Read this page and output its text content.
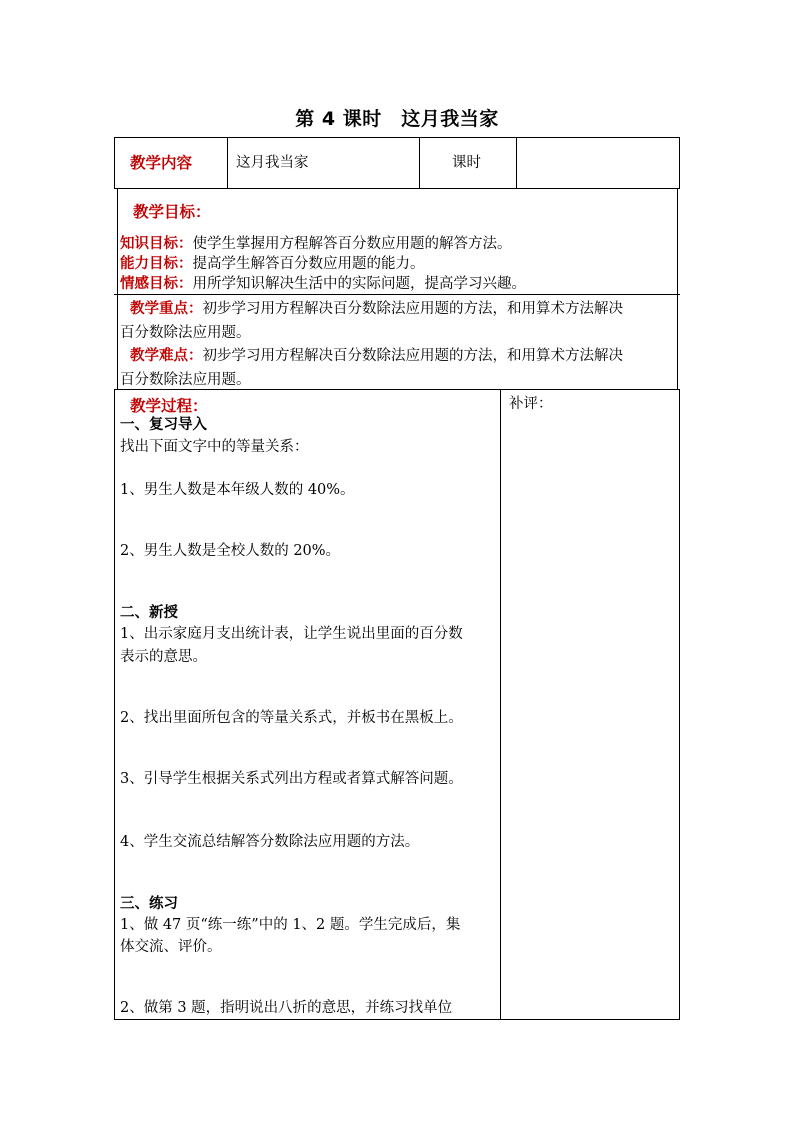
第 4 课时　这月我当家
教学内容	这月我当家	课时
教学目标：
知识目标：使学生掌握用方程解答百分数应用题的解答方法。
能力目标：提高学生解答百分数应用题的能力。
情感目标：用所学知识解决生活中的实际问题，提高学习兴趣。
教学重点：初步学习用方程解决百分数除法应用题的方法，和用算术方法解决
百分数除法应用题。
教学难点：初步学习用方程解决百分数除法应用题的方法，和用算术方法解决
百分数除法应用题。
教学过程：	补评：
一、复习导入
找出下面文字中的等量关系：
1、男生人数是本年级人数的 40%。
2、男生人数是全校人数的 20%。
二、新授
1、出示家庭月支出统计表，让学生说出里面的百分数
表示的意思。
2、找出里面所包含的等量关系式，并板书在黑板上。
3、引导学生根据关系式列出方程或者算式解答问题。
4、学生交流总结解答分数除法应用题的方法。
三、练习
1、做 47 页“练一练”中的 1、2 题。学生完成后，集
体交流、评价。
2、做第 3 题，指明说出八折的意思，并练习找单位
